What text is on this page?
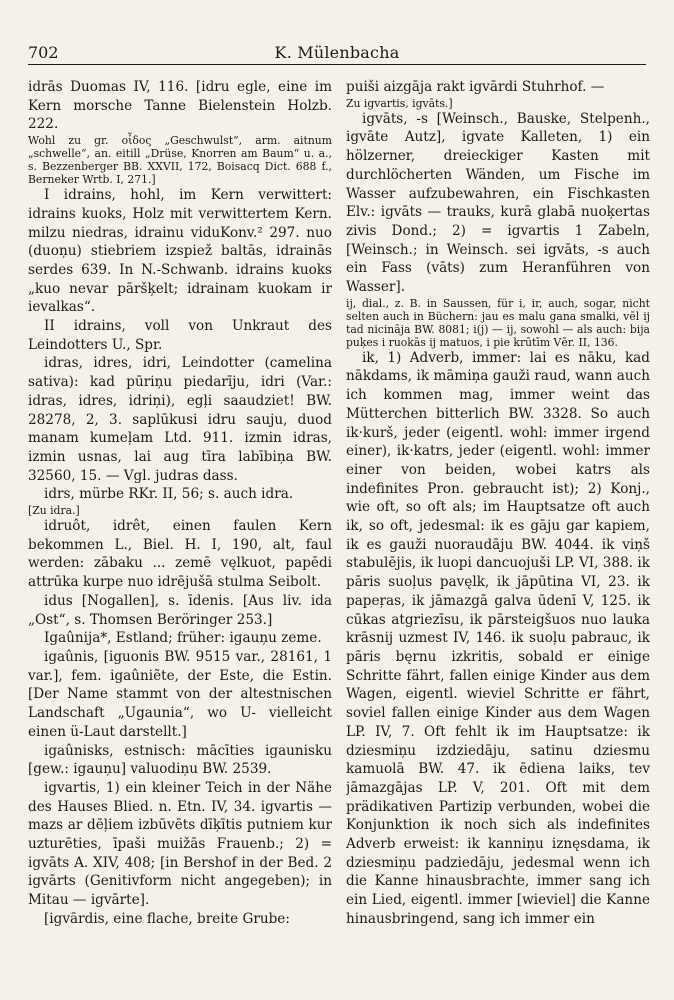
702	K. Mülenbacha

idrās Duomas IV, 116. [idru egle, eine im Kern morsche Tanne Bielenstein Holzb. 222.

Wohl zu gr. οἶδος „Geschwulst“, arm. aitnum „schwelle“, an. eitill „Drüse, Knorren am Baum“ u. a., s. Bezzenberger BB. XXVII, 172, Boisacq Dict. 688 f., Berneker Wrtb. I, 271.]

I idrains, hohl, im Kern verwittert: idrains kuoks, Holz mit verwittertem Kern. milzu niedras, idrainu viduKonv.² 297. nuo (duoņu) stiebriem izspiež baltās, idrainās serdes 639. In N.-Schwanb. idrains kuoks „kuo nevar pāršķelt; idrainam kuokam ir ievalkas“.

II idrains, voll von Unkraut des Leindotters U., Spr.

idras, idres, idri, Leindotter (camelina sativa): kad pūriņu piedarīju, idri (Var.: idras, idres, idriņi), egļi saaudziet! BW. 28278, 2, 3. saplūkusi idru sauju, duod manam kumeļam Ltd. 911. izmin idras, izmin usnas, lai aug tīra labībiņa BW. 32560, 15. — Vgl. judras dass.

idrs, mürbe RKr. II, 56; s. auch idra.

[Zu idra.]

idruôt, idrêt, einen faulen Kern bekommen L., Biel. H. I, 190, alt, faul werden: zābaku ... zemē vęlkuot, papēdi attrūka kurpe nuo idrējušā stulma Seibolt.

idus [Nogallen], s. īdenis. [Aus liv. ida „Ost“, s. Thomsen Beröringer 253.]

Igaûnija*, Estland; früher: igauņu zeme.

igaûnis, [iguonis BW. 9515 var., 28161, 1 var.], fem. igaûniẽte, der Este, die Estin. [Der Name stammt von der altestnischen Landschaft „Ugaunia“, wo U- vielleicht einen ü-Laut darstellt.]

igaûnisks, estnisch: mācīties igaunisku [gew.: igauņu] valuodiņu BW. 2539.

igvartis, 1) ein kleiner Teich in der Nähe des Hauses Blied. n. Etn. IV, 34. igvartis — mazs ar dēļiem izbūvēts dīķītis putniem kur uzturēties, īpaši muižās Frauenb.; 2) = igvāts A. XIV, 408; [in Bershof in der Bed. 2 igvārts (Genitivform nicht angegeben); in Mitau — igvārte].

[igvārdis, eine flache, breite Grube:

puiši aizgāja rakt igvārdi Stuhrhof. —

Zu igvartis, igvāts.]

igvāts, -s [Weinsch., Bauske, Stelpenh., igvāte Autz], igvate Kalleten, 1) ein hölzerner, dreieckiger Kasten mit durchlöcherten Wänden, um Fische im Wasser aufzubewahren, ein Fischkasten Elv.: igvāts — trauks, kurā glabā nuoķertas zivis Dond.; 2) = igvartis 1 Zabeln, [Weinsch.; in Weinsch. sei igvāts, -s auch ein Fass (vāts) zum Heranführen von Wasser].

ij, dial., z. B. in Saussen, für i, ir, auch, sogar, nicht selten auch in Büchern: jau es malu gana smalki, vēl ij tad nicināja BW. 8081; i(j) — ij, sowohl — als auch: bija puķes i ruokās ij matuos, i pie krūtīm Vēr. II, 136.

ik, 1) Adverb, immer: lai es nāku, kad nākdams, ik māmiņa gauži raud, wann auch ich kommen mag, immer weint das Mütterchen bitterlich BW. 3328. So auch ik·kurš, jeder (eigentl. wohl: immer irgend einer), ik·katrs, jeder (eigentl. wohl: immer einer von beiden, wobei katrs als indefinites Pron. gebraucht ist); 2) Konj., wie oft, so oft als; im Hauptsatze oft auch ik, so oft, jedesmal: ik es gāju gar kapiem, ik es gauži nuoraudāju BW. 4044. ik viņš stabulējis, ik luopi dancuojuši LP. VI, 388. ik pāris suoļus pavęlk, ik jāpūtina VI, 23. ik papeŗas, ik jāmazgā galva ūdenī V, 125. ik cūkas atgriezīsu, ik pārsteigšuos nuo lauka krāsnij uzmest IV, 146. ik suoļu pabrauc, ik pāris bęrnu izkritis, sobald er einige Schritte fährt, fallen einige Kinder aus dem Wagen, eigentl. wieviel Schritte er fährt, soviel fallen einige Kinder aus dem Wagen LP. IV, 7. Oft fehlt ik im Hauptsatze: ik dziesmiņu izdziedāju, satinu dziesmu kamuolā BW. 47. ik ēdiena laiks, tev jāmazgājas LP. V, 201. Oft mit dem prädikativen Partizip verbunden, wobei die Konjunktion ik noch sich als indefinites Adverb erweist: ik kanniņu iznęsdama, ik dziesmiņu padziedāju, jedesmal wenn ich die Kanne hinausbrachte, immer sang ich ein Lied, eigentl. immer [wieviel] die Kanne hinausbringend, sang ich immer ein
